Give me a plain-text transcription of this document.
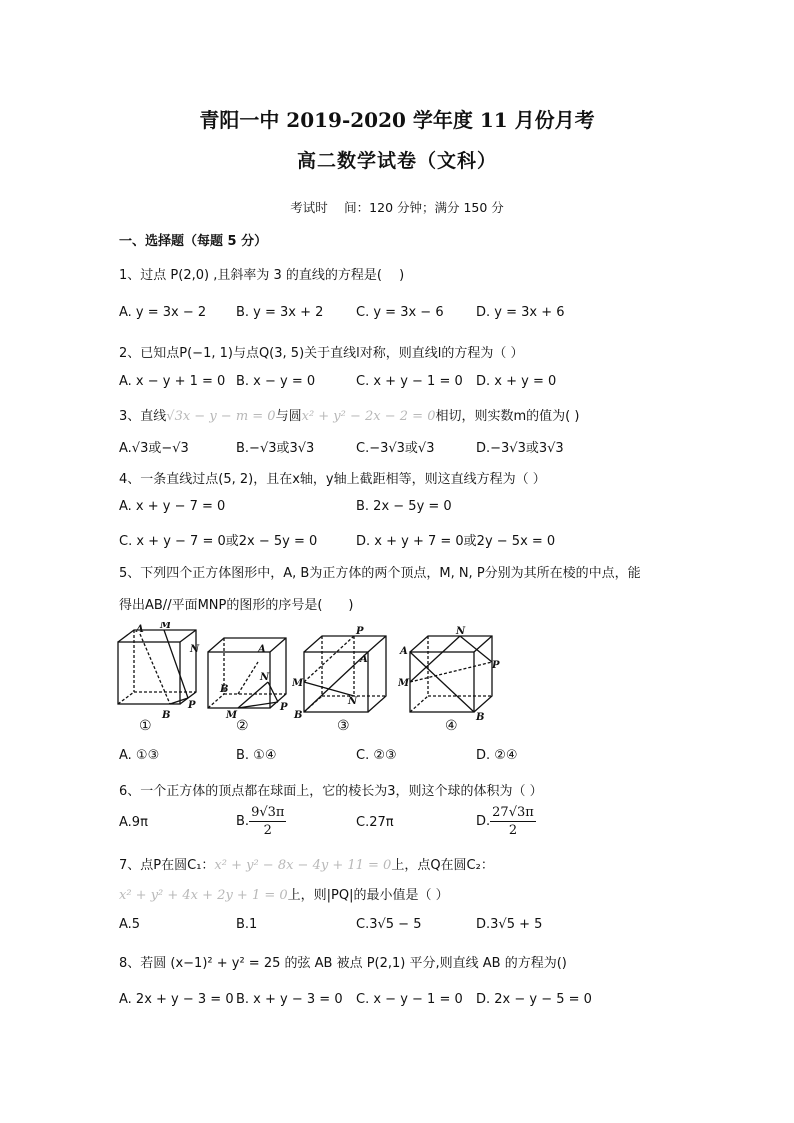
青阳一中 2019-2020 学年度 11 月份月考
高二数学试卷（文科）
考试时　 间：120 分钟；满分 150 分
一、选择题（每题 5 分）
1、过点 P(2,0) ,且斜率为 3 的直线的方程是(　 )
A. y = 3x − 2 B. y = 3x + 2	C. y = 3x − 6 D. y = 3x + 6
2、已知点P(−1, 1)与点Q(3, 5)关于直线l对称，则直线l的方程为（ ）
A. x − y + 1 = 0 B. x − y = 0	C. x + y − 1 = 0 D. x + y = 0
3、直线√3x − y − m = 0与圆x² + y² − 2x − 2 = 0相切，则实数m的值为( )
A.√3或−√3	B.−√3或3√3	C.−3√3或√3	D.−3√3或3√3
4、一条直线过点(5, 2)，且在x轴，y轴上截距相等，则这直线方程为（ ）
A. x + y − 7 = 0	B. 2x − 5y = 0
C. x + y − 7 = 0或2x − 5y = 0	D. x + y + 7 = 0或2y − 5x = 0
5、下列四个正方体图形中，A, B为正方体的两个顶点，M, N, P分别为其所在棱的中点，能
得出AB//平面MNP的图形的序号是(　　)
A M
N
P
B
A
B
N
M
P
P
A
M
N
B
N
A
P
M
B
①	②	③	④
A. ①③	B. ①④	C. ②③	D. ②④
6、一个正方体的顶点都在球面上，它的棱长为3，则这个球的体积为（ ）
A.9π	B. $\frac{9√3\pi}{2}$	C.27π	D. $\frac{27√3\pi}{2}$
7、点P在圆C₁：x² + y² − 8x − 4y + 11 = 0上，点Q在圆C₂：
x² + y² + 4x + 2y + 1 = 0上，则|PQ|的最小值是（ ）
A.5	B.1	C.3√5 − 5	D.3√5 + 5
8、若圆 (x−1)² + y² = 25 的弦 AB 被点 P(2,1) 平分,则直线 AB 的方程为()
A. 2x + y − 3 = 0 B. x + y − 3 = 0 C. x − y − 1 = 0 D. 2x − y − 5 = 0
